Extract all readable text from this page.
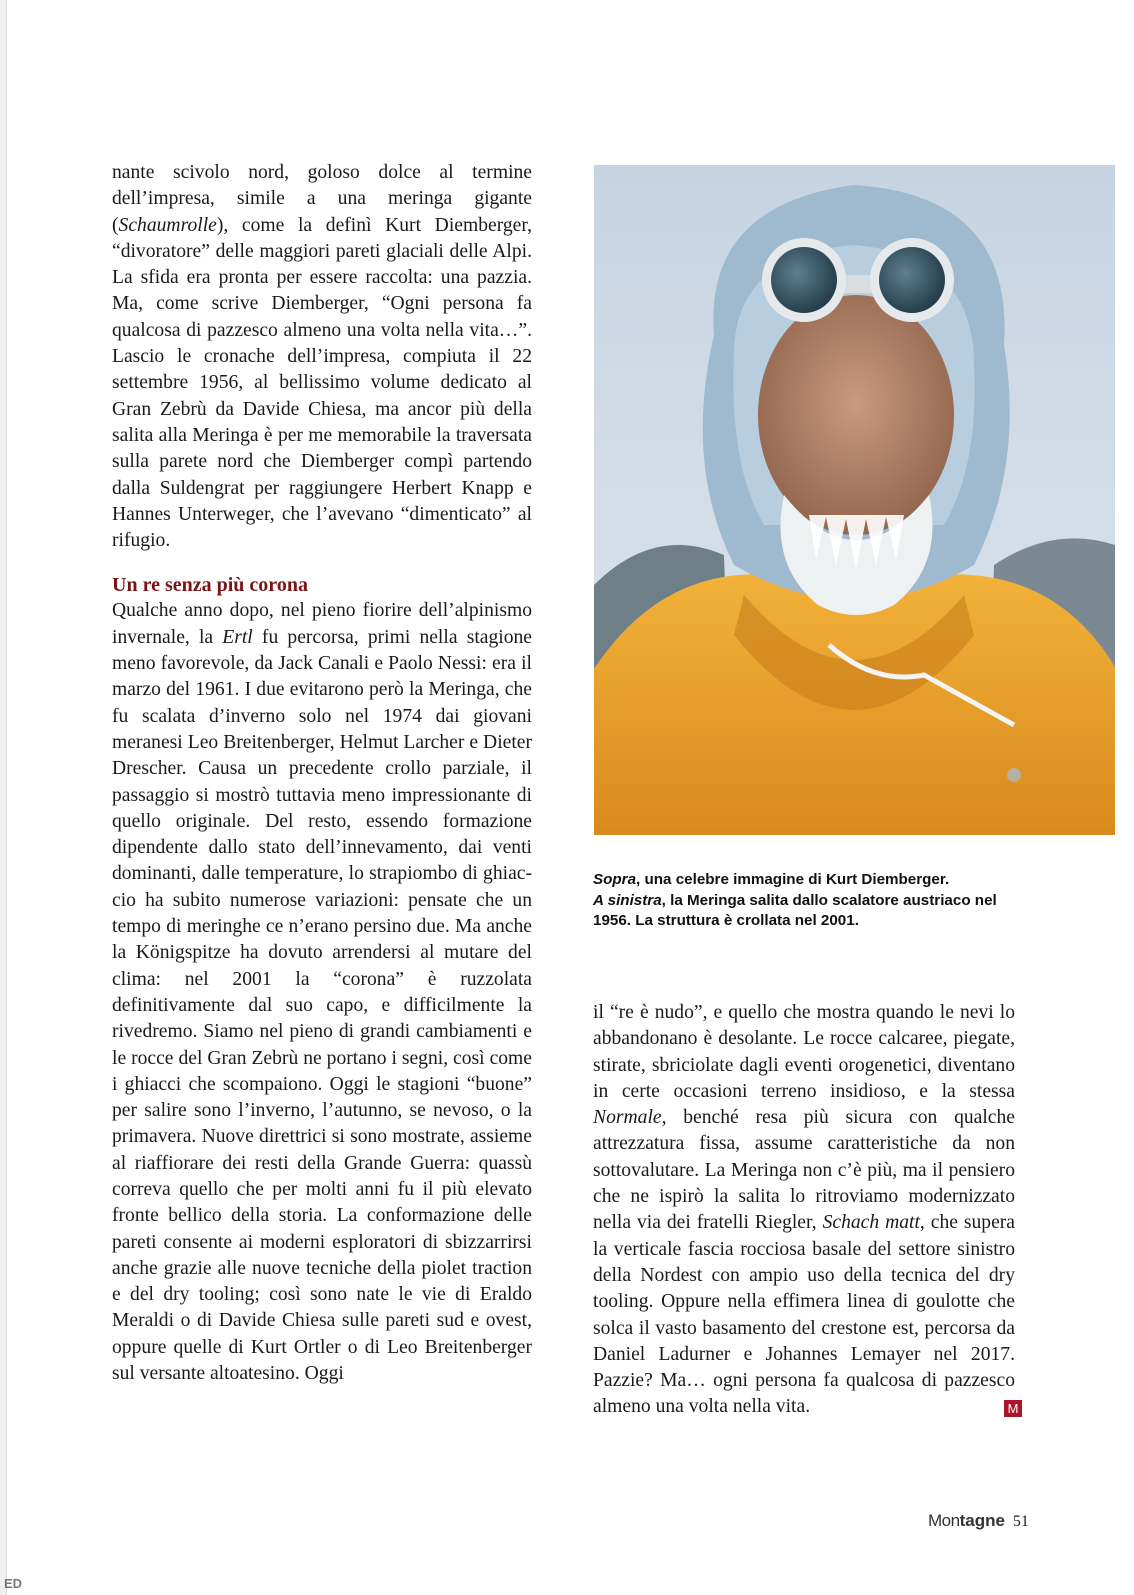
nante scivolo nord, goloso dolce al termine dell’impresa, simile a una meringa gigante (Schaumrolle), come la definì Kurt Diemberger, “divoratore” delle maggiori pareti glaciali delle Alpi. La sfida era pronta per essere raccolta: una pazzia. Ma, come scrive Diemberger, “Ogni persona fa qualcosa di pazzesco almeno una volta nella vita…”. Lascio le cronache dell’impresa, compiuta il 22 settembre 1956, al bellissimo volume dedicato al Gran Zebrù da Davide Chiesa, ma ancor più della salita alla Meringa è per me memorabile la traversata sulla parete nord che Diemberger compì partendo dalla Suldengrat per raggiungere Herbert Knapp e Hannes Unterweger, che l’avevano “dimenticato” al rifugio.

Un re senza più corona

Qualche anno dopo, nel pieno fiorire dell’alpinismo invernale, la Ertl fu percorsa, primi nella stagione meno favorevole, da Jack Canali e Paolo Nessi: era il marzo del 1961. I due evitarono però la Meringa, che fu scalata d’inverno solo nel 1974 dai giovani meranesi Leo Breitenberger, Helmut Larcher e Dieter Drescher. Causa un precedente crollo parziale, il passaggio si mostrò tuttavia meno impressionante di quello originale. Del resto, essendo formazione dipendente dallo stato dell’innevamento, dai venti dominanti, dalle temperature, lo strapiombo di ghiaccio ha subito numerose variazioni: pensate che un tempo di meringhe ce n’erano persino due. Ma anche la Königspitze ha dovuto arrendersi al mutare del clima: nel 2001 la “corona” è ruzzolata definitivamente dal suo capo, e difficilmente la rivedremo. Siamo nel pieno di grandi cambiamenti e le rocce del Gran Zebrù ne portano i segni, così come i ghiacci che scompaiono. Oggi le stagioni “buone” per salire sono l’inverno, l’autunno, se nevoso, o la primavera. Nuove direttrici si sono mostrate, assieme al riaffiorare dei resti della Grande Guerra: quassù correva quello che per molti anni fu il più elevato fronte bellico della storia. La conformazione delle pareti consente ai moderni esploratori di sbizzarrirsi anche grazie alle nuove tecniche della piolet traction e del dry tooling; così sono nate le vie di Eraldo Meraldi o di Davide Chiesa sulle pareti sud e ovest, oppure quelle di Kurt Ortler o di Leo Breitenberger sul versante altoatesino. Oggi

Sopra, una celebre immagine di Kurt Diemberger.
A sinistra, la Meringa salita dallo scalatore austriaco nel 1956. La struttura è crollata nel 2001.

il “re è nudo”, e quello che mostra quando le nevi lo abbandonano è desolante. Le rocce calcaree, piegate, stirate, sbriciolate dagli eventi orogenetici, diventano in certe occasioni terreno insidioso, e la stessa Normale, benché resa più sicura con qualche attrezzatura fissa, assume caratteristiche da non sottovalutare. La Meringa non c’è più, ma il pensiero che ne ispirò la salita lo ritroviamo modernizzato nella via dei fratelli Riegler, Schach matt, che supera la verticale fascia rocciosa basale del settore sinistro della Nordest con ampio uso della tecnica del dry tooling. Oppure nella effimera linea di goulotte che solca il vasto basamento del crestone est, percorsa da Daniel Ladurner e Johannes Lemayer nel 2017. Pazzie? Ma… ogni persona fa qualcosa di pazzesco almeno una volta nella vita.	M
Montagne 51
ED
